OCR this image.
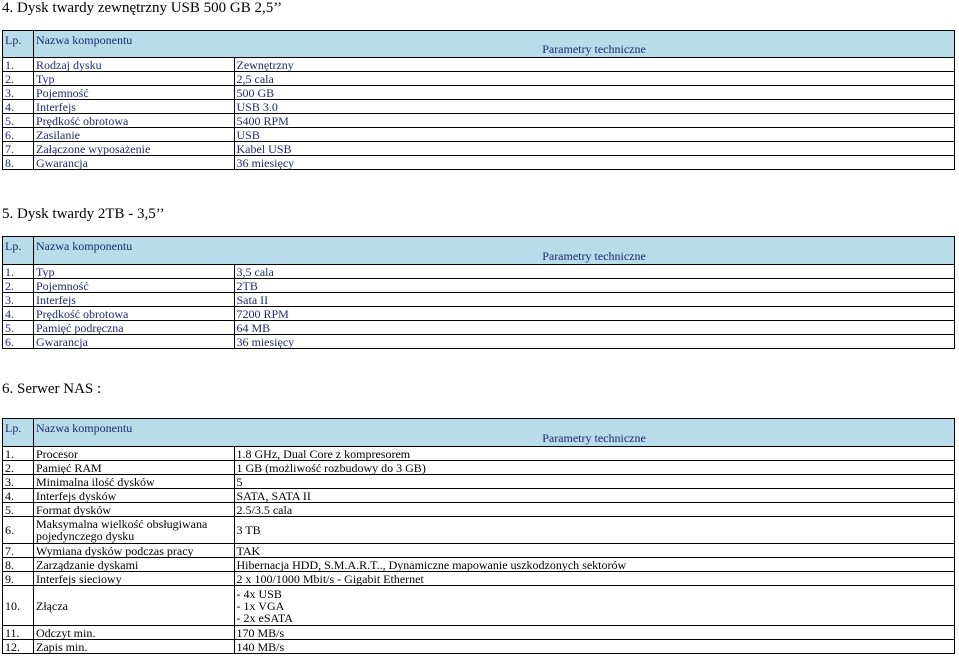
4. Dysk twardy zewnętrzny USB 500 GB 2,5’’
Lp.	Nazwa komponentu	Parametry techniczne
1.	Rodzaj dysku	Zewnętrzny
2.	Typ	2,5 cala
3.	Pojemność	500 GB
4.	Interfejs	USB 3.0
5.	Prędkość obrotowa	5400 RPM
6.	Zasilanie	USB
7.	Załączone wyposażenie	Kabel USB
8.	Gwarancja	36 miesięcy
5. Dysk twardy 2TB - 3,5’’
Lp.	Nazwa komponentu	Parametry techniczne
1.	Typ	3,5 cala
2.	Pojemność	2TB
3.	Interfejs	Sata II
4.	Prędkość obrotowa	7200 RPM
5.	Pamięć podręczna	64 MB
6.	Gwarancja	36 miesięcy
6. Serwer NAS :
Lp.	Nazwa komponentu	Parametry techniczne
1.	Procesor	1.8 GHz, Dual Core z kompresorem
2.	Pamięć RAM	1 GB (możliwość rozbudowy do 3 GB)
3.	Minimalna ilość dysków	5
4.	Interfejs dysków	SATA, SATA II
5.	Format dysków	2.5/3.5 cala
6.	Maksymalna wielkość obsługiwana
pojedynczego dysku	3 TB
7.	Wymiana dysków podczas pracy	TAK
8.	Zarządzanie dyskami	Hibernacja HDD, S.M.A.R.T.., Dynamiczne mapowanie uszkodzonych sektorów
9.	Interfejs sieciowy	2 x 100/1000 Mbit/s - Gigabit Ethernet
10.	Złącza	- 4x USB
- 1x VGA
- 2x eSATA

11.	Odczyt min.	170 MB/s
12.	Zapis min.	140 MB/s
